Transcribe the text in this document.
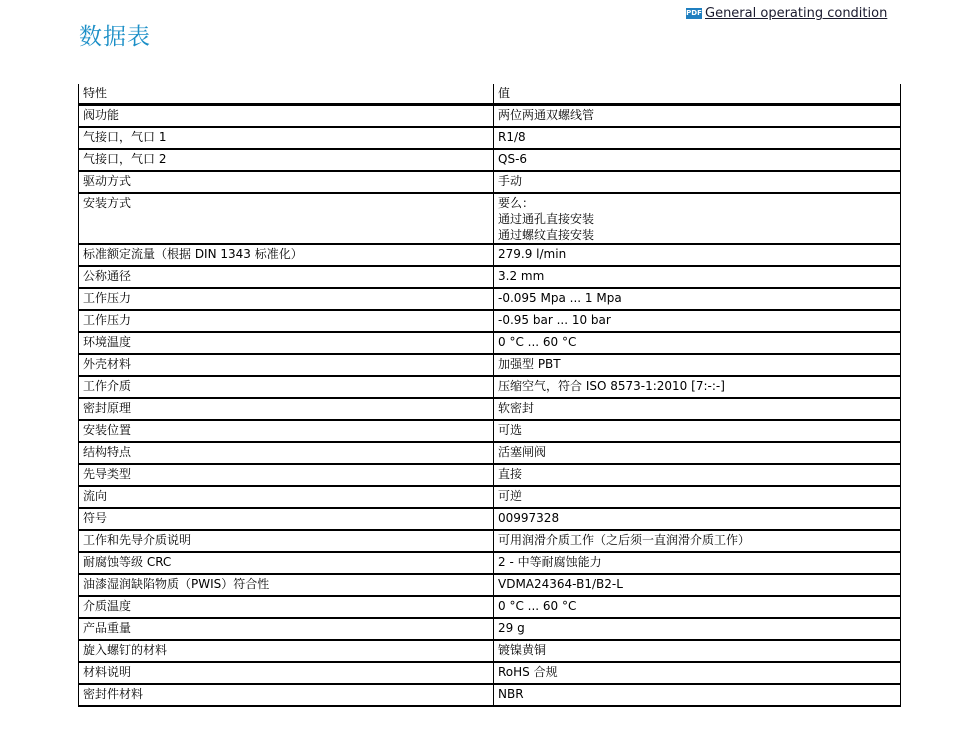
数据表
PDF General operating condition
特性	值
阀功能	两位两通双螺线管
气接口，气口 1	R1/8
气接口，气口 2	QS-6
驱动方式	手动
安装方式	要么：
通过通孔直接安装
通过螺纹直接安装

标准额定流量（根据 DIN 1343 标准化）	279.9 l/min
公称通径	3.2 mm
工作压力	-0.095 Mpa ... 1 Mpa
工作压力	-0.95 bar ... 10 bar
环境温度	0 °C ... 60 °C
外壳材料	加强型 PBT
工作介质	压缩空气，符合 ISO 8573-1:2010 [7:-:-]
密封原理	软密封
安装位置	可选
结构特点	活塞闸阀
先导类型	直接
流向	可逆
符号	00997328
工作和先导介质说明	可用润滑介质工作（之后须一直润滑介质工作）
耐腐蚀等级 CRC	2 - 中等耐腐蚀能力
油漆湿润缺陷物质（PWIS）符合性	VDMA24364-B1/B2-L
介质温度	0 °C ... 60 °C
产品重量	29 g
旋入螺钉的材料	镀镍黄铜
材料说明	RoHS 合规
密封件材料	NBR
